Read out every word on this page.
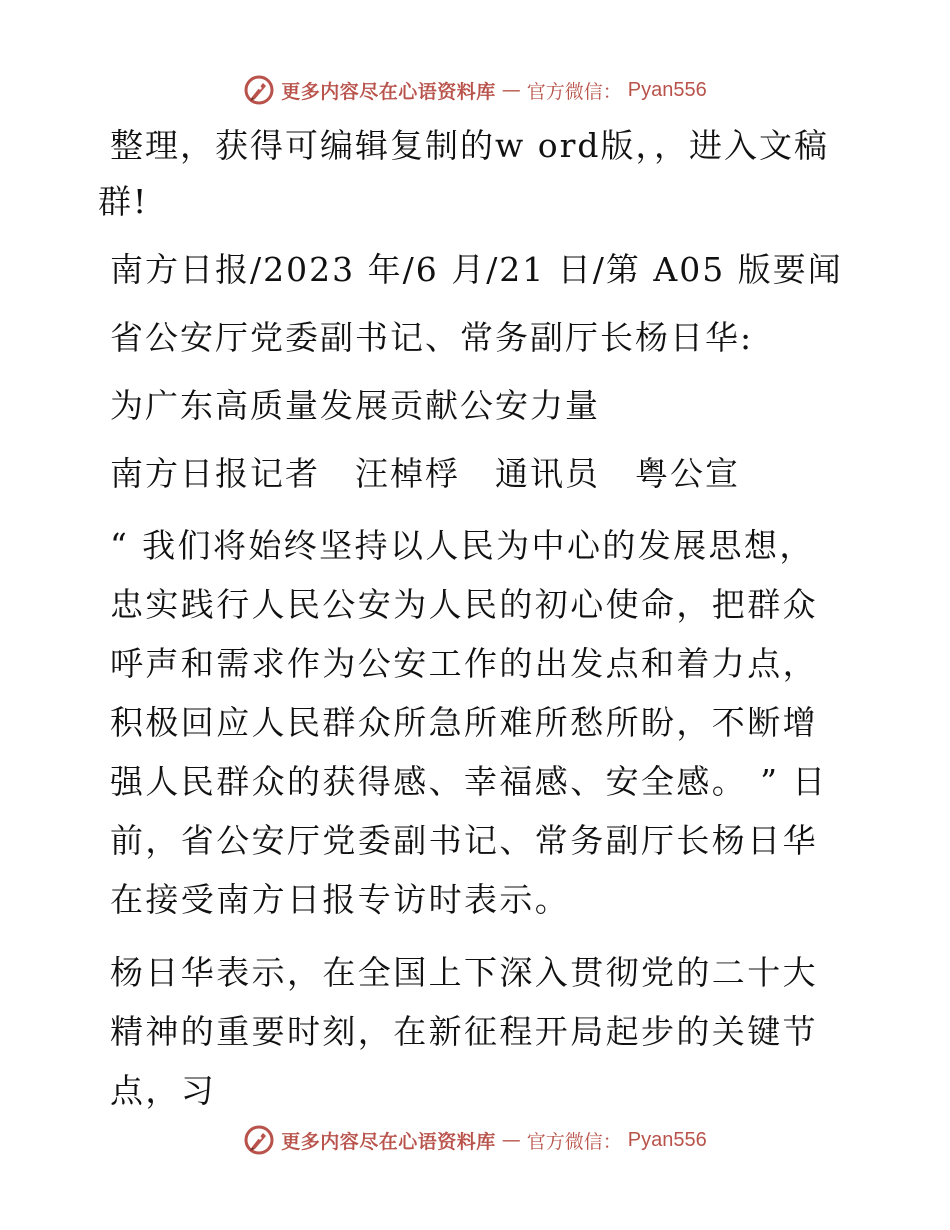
更多内容尽在心语资料库 — 官方微信： Pyan556

整理，获得可编辑复制的w ord版，，进入文稿

群!

南方日报/2023 年/6 月/21 日/第 A05 版要闻

省公安厅党委副书记、常务副厅长杨日华:

为广东高质量发展贡献公安力量

南方日报记者　汪棹桴　通讯员　粤公宣

“ 我们将始终坚持以人民为中心的发展思想，忠实践行人民公安为人民的初心使命，把群众呼声和需求作为公安工作的出发点和着力点，积极回应人民群众所急所难所愁所盼，不断增强人民群众的获得感、幸福感、安全感。 ” 日前，省公安厅党委副书记、常务副厅长杨日华在接受南方日报专访时表示。

杨日华表示，在全国上下深入贯彻党的二十大精神的重要时刻，在新征程开局起步的关键节点，习

更多内容尽在心语资料库 — 官方微信： Pyan556
